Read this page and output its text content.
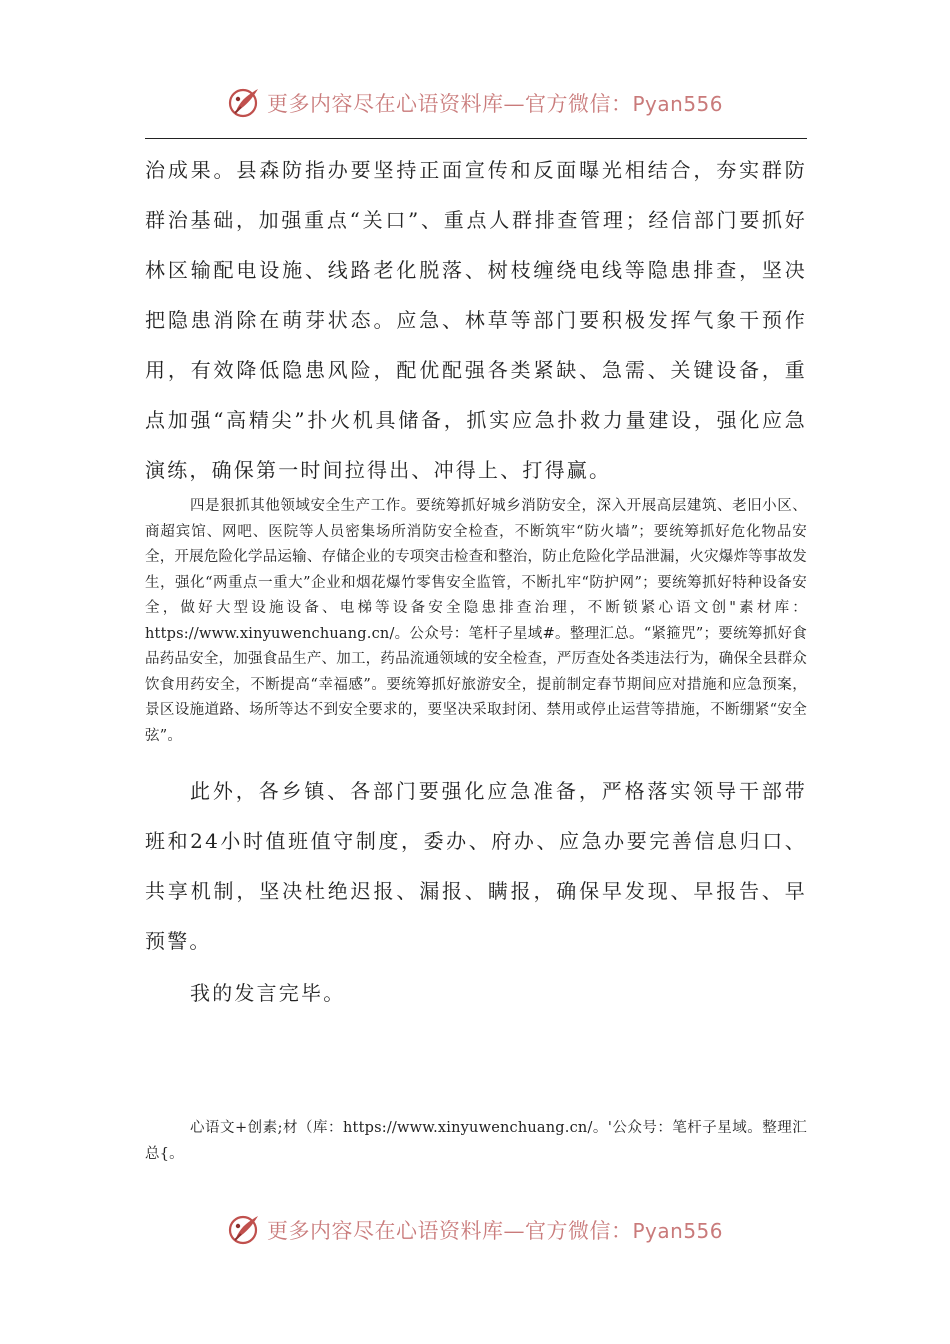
更多内容尽在心语资料库—官方微信：Pyan556

治成果。县森防指办要坚持正面宣传和反面曝光相结合，夯实群防群治基础，加强重点“关口”、重点人群排查管理；经信部门要抓好林区输配电设施、线路老化脱落、树枝缠绕电线等隐患排查，坚决把隐患消除在萌芽状态。应急、林草等部门要积极发挥气象干预作用，有效降低隐患风险，配优配强各类紧缺、急需、关键设备，重点加强“高精尖”扑火机具储备，抓实应急扑救力量建设，强化应急演练，确保第一时间拉得出、冲得上、打得赢。

四是狠抓其他领域安全生产工作。要统筹抓好城乡消防安全，深入开展高层建筑、老旧小区、商超宾馆、网吧、医院等人员密集场所消防安全检查，不断筑牢“防火墙”；要统筹抓好危化物品安全，开展危险化学品运输、存储企业的专项突击检查和整治，防止危险化学品泄漏，火灾爆炸等事故发生，强化“两重点一重大”企业和烟花爆竹零售安全监管，不断扎牢“防护网”；要统筹抓好特种设备安全，做好大型设施设备、电梯等设备安全隐患排查治理，不断锁紧心语文创"素材库：https://www.xinyuwenchuang.cn/。公众号：笔杆子星域#。整理汇总。“紧箍咒”；要统筹抓好食品药品安全，加强食品生产、加工，药品流通领域的安全检查，严厉查处各类违法行为，确保全县群众饮食用药安全，不断提高“幸福感”。要统筹抓好旅游安全，提前制定春节期间应对措施和应急预案，景区设施道路、场所等达不到安全要求的，要坚决采取封闭、禁用或停止运营等措施，不断绷紧“安全弦”。

此外，各乡镇、各部门要强化应急准备，严格落实领导干部带班和24小时值班值守制度，委办、府办、应急办要完善信息归口、共享机制，坚决杜绝迟报、漏报、瞒报，确保早发现、早报告、早预警。

我的发言完毕。

心语文+创素;材（库：https://www.xinyuwenchuang.cn/。'公众号：笔杆子星域。整理汇总{。

更多内容尽在心语资料库—官方微信：Pyan556
